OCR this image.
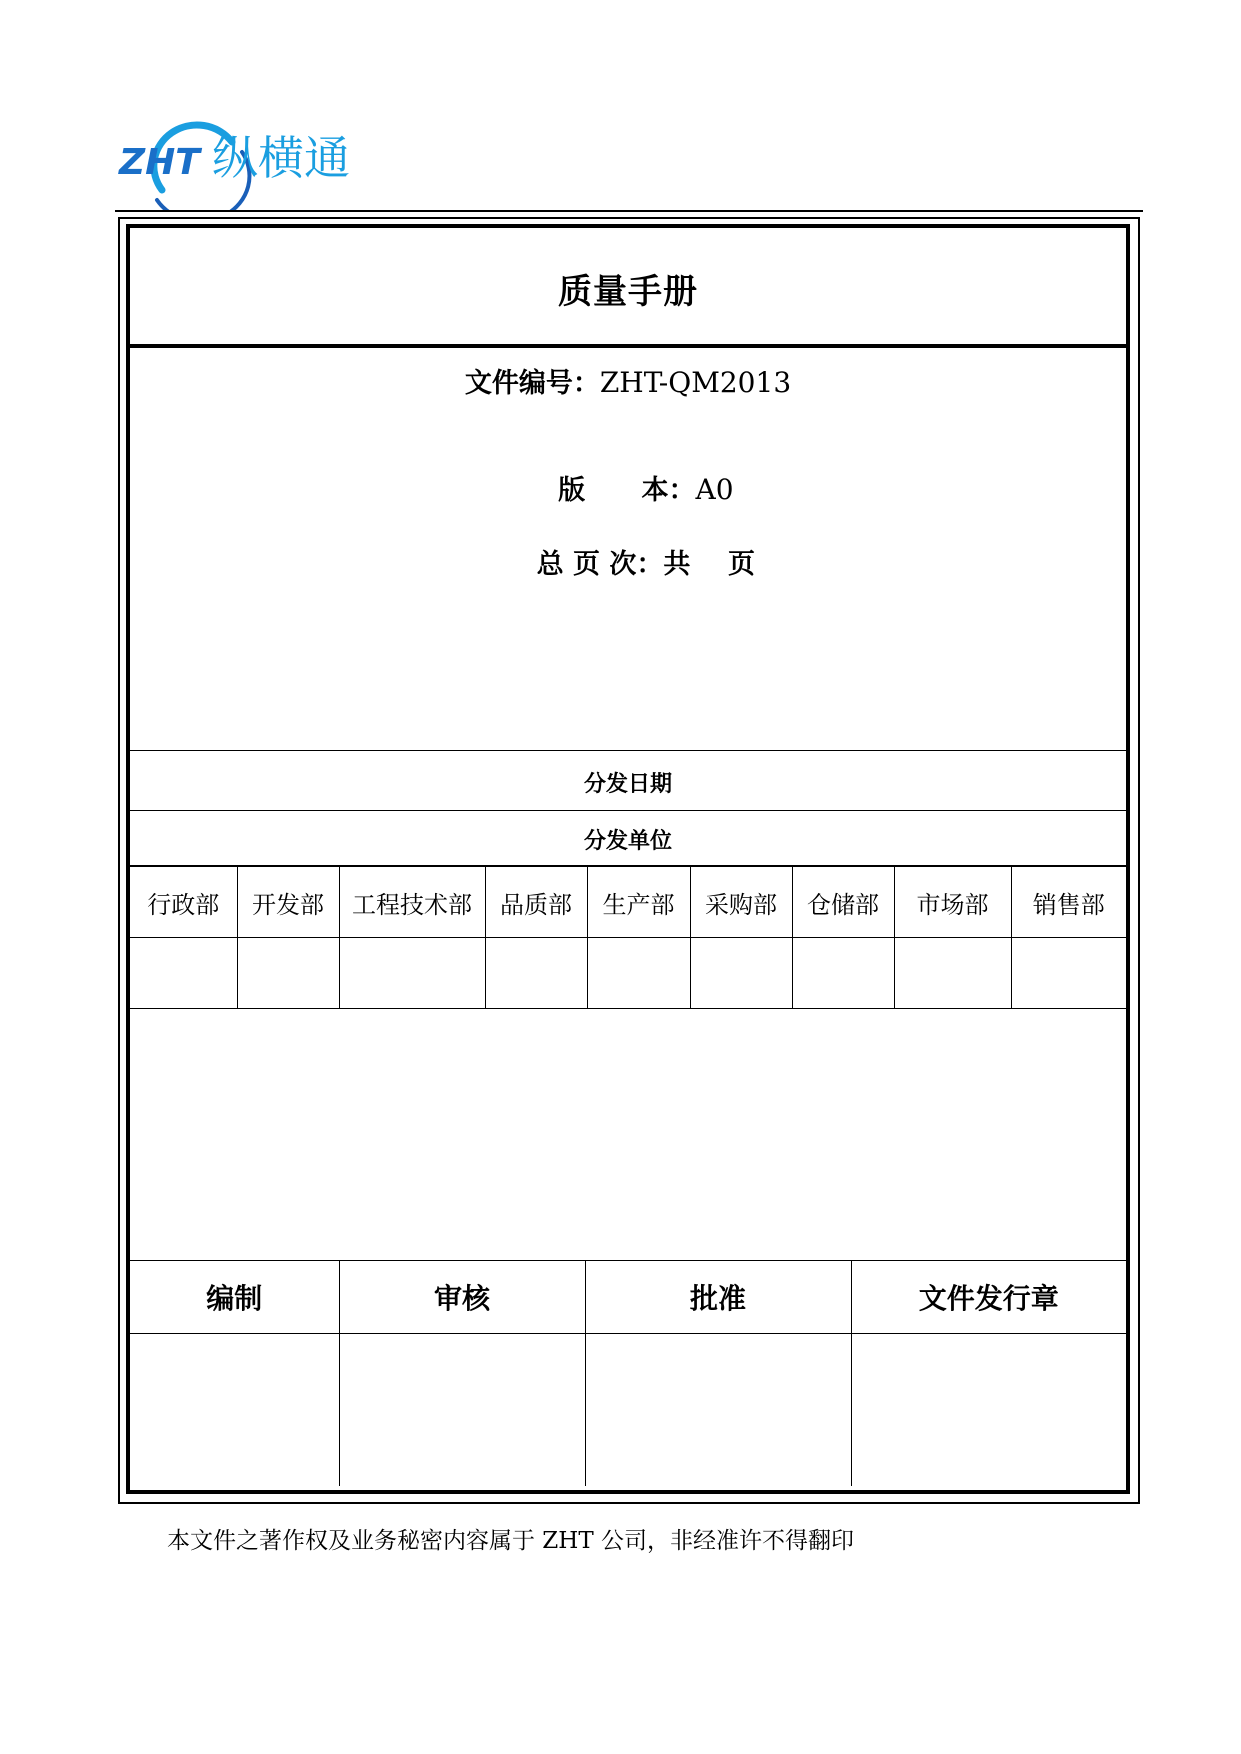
ZHT 纵横通
质量手册
文件编号：ZHT-QM2013

版      本：A0

总 页 次：共    页

分发日期
分发单位
行政部	开发部	工程技术部	品质部	生产部	采购部	仓储部	市场部	销售部

编制	审核	批准	文件发行章

本文件之著作权及业务秘密内容属于 ZHT 公司，非经准许不得翻印
